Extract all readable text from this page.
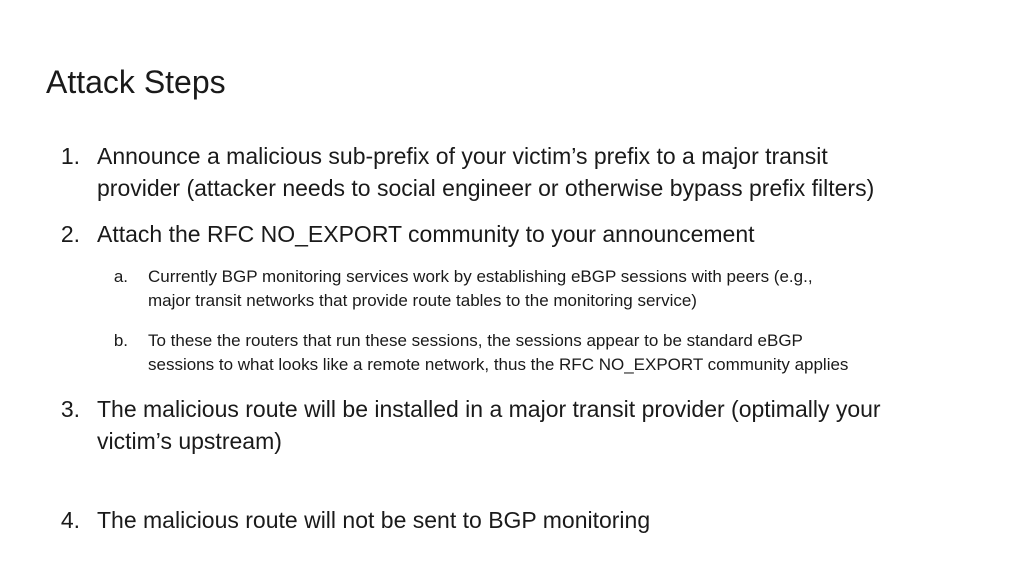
Attack Steps
1. Announce a malicious sub-prefix of your victim’s prefix to a major transit
provider (attacker needs to social engineer or otherwise bypass prefix filters)
2. Attach the RFC NO_EXPORT community to your announcement
a. Currently BGP monitoring services work by establishing eBGP sessions with peers (e.g.,
major transit networks that provide route tables to the monitoring service)
b. To these the routers that run these sessions, the sessions appear to be standard eBGP
sessions to what looks like a remote network, thus the RFC NO_EXPORT community applies
3. The malicious route will be installed in a major transit provider (optimally your
victim’s upstream)
4. The malicious route will not be sent to BGP monitoring
